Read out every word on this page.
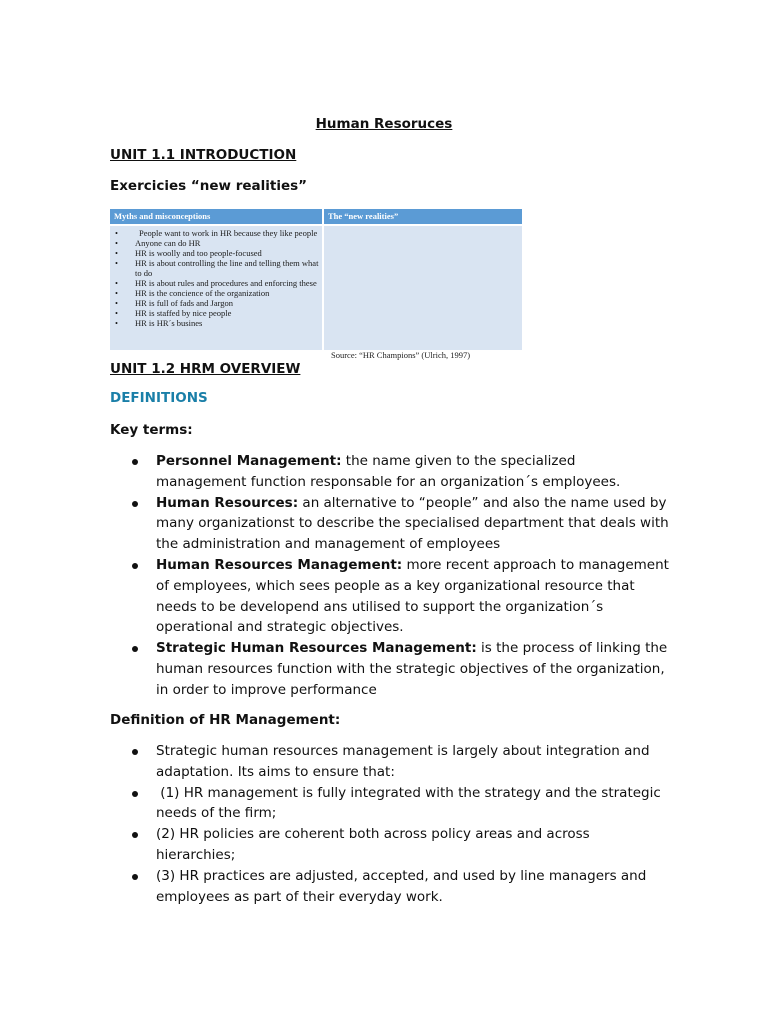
Human Resoruces
UNIT 1.1 INTRODUCTION
Exercicies “new realities”
Myths and misconceptions	The “new realities”
•	People want to work in HR because they like people
•	Anyone can do HR
•	HR is woolly and too people-focused
•	HR is about controlling the line and telling them what to do
•	HR is about rules and procedures and enforcing these
•	HR is the concience of the organization
•	HR is full of fads and Jargon
•	HR is staffed by nice people
•	HR is HR´s busines
Source: “HR Champions” (Ulrich, 1997)
UNIT 1.2 HRM OVERVIEW
DEFINITIONS
Key terms:
Personnel Management: the name given to the specialized management function responsable for an organization´s employees.
Human Resources: an alternative to “people” and also the name used by many organizationst to describe the specialised department that deals with the administration and management of employees
Human Resources Management: more recent approach to management of employees, which sees people as a key organizational resource that needs to be developend ans utilised to support the organization´s operational and strategic objectives.
Strategic Human Resources Management: is the process of linking the human resources function with the strategic objectives of the organization, in order to improve performance
Definition of HR Management:
Strategic human resources management is largely about integration and adaptation. Its aims to ensure that:
(1) HR management is fully integrated with the strategy and the strategic needs of the firm;
(2) HR policies are coherent both across policy areas and across hierarchies;
(3) HR practices are adjusted, accepted, and used by line managers and employees as part of their everyday work.
